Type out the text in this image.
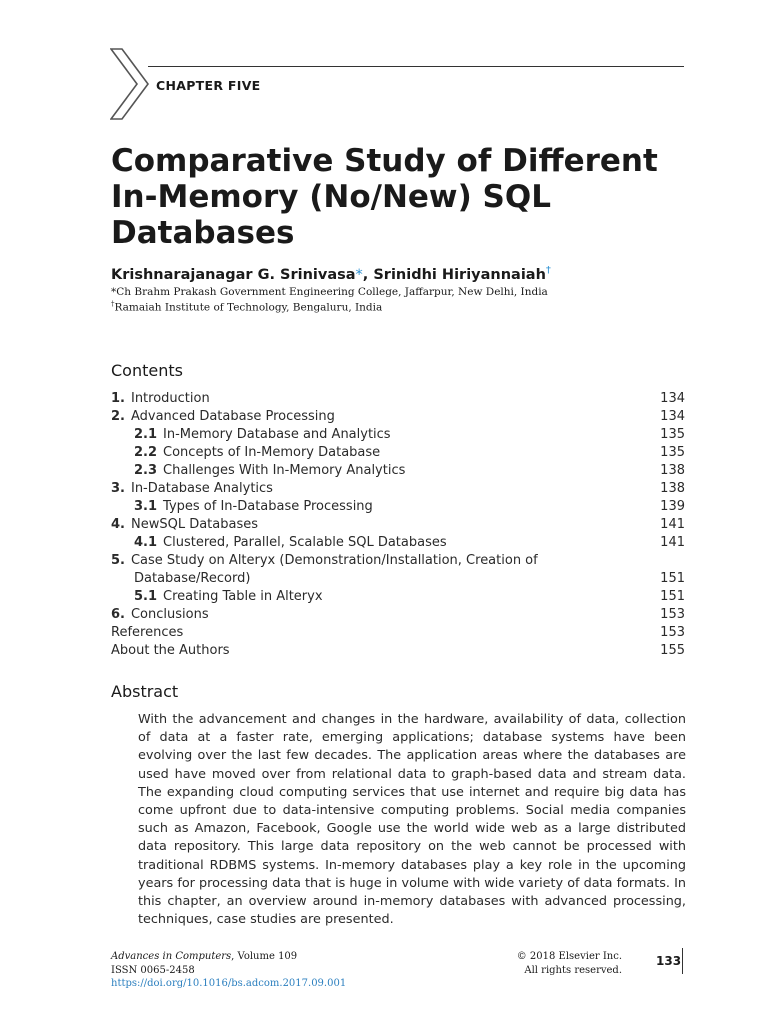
CHAPTER FIVE
Comparative Study of Different In-Memory (No/New) SQL Databases
Krishnarajanagar G. Srinivasa*, Srinidhi Hiriyannaiah†
*Ch Brahm Prakash Government Engineering College, Jaffarpur, New Delhi, India
†Ramaiah Institute of Technology, Bengaluru, India
Contents
1. Introduction	134
2. Advanced Database Processing	134
2.1 In-Memory Database and Analytics	135
2.2 Concepts of In-Memory Database	135
2.3 Challenges With In-Memory Analytics	138
3. In-Database Analytics	138
3.1 Types of In-Database Processing	139
4. NewSQL Databases	141
4.1 Clustered, Parallel, Scalable SQL Databases	141
5. Case Study on Alteryx (Demonstration/Installation, Creation of
Database/Record)	151
5.1 Creating Table in Alteryx	151
6. Conclusions	153
References	153
About the Authors	155
Abstract

With the advancement and changes in the hardware, availability of data, collection of data at a faster rate, emerging applications; database systems have been evolving over the last few decades. The application areas where the databases are used have moved over from relational data to graph-based data and stream data. The expanding cloud computing services that use internet and require big data has come upfront due to data-intensive computing problems. Social media companies such as Amazon, Facebook, Google use the world wide web as a large distributed data repository. This large data repository on the web cannot be processed with traditional RDBMS systems. In-memory databases play a key role in the upcoming years for processing data that is huge in volume with wide variety of data formats. In this chapter, an overview around in-memory databases with advanced processing, techniques, case studies are presented.

Advances in Computers, Volume 109
ISSN 0065-2458
https://doi.org/10.1016/bs.adcom.2017.09.001
© 2018 Elsevier Inc.
All rights reserved.
133
